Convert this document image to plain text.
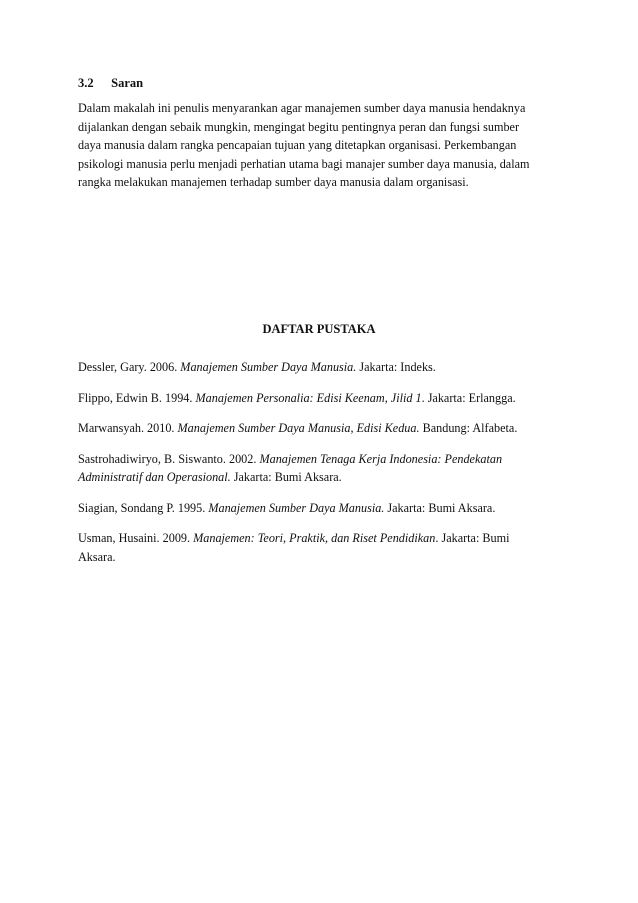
3.2 Saran
Dalam makalah ini penulis menyarankan agar manajemen sumber daya manusia hendaknya
dijalankan dengan sebaik mungkin, mengingat begitu pentingnya peran dan fungsi sumber
daya manusia dalam rangka pencapaian tujuan yang ditetapkan organisasi. Perkembangan
psikologi manusia perlu menjadi perhatian utama bagi manajer sumber daya manusia, dalam
rangka melakukan manajemen terhadap sumber daya manusia dalam organisasi.
DAFTAR PUSTAKA
Dessler, Gary. 2006. Manajemen Sumber Daya Manusia. Jakarta: Indeks.
Flippo, Edwin B. 1994. Manajemen Personalia: Edisi Keenam, Jilid 1. Jakarta: Erlangga.
Marwansyah. 2010. Manajemen Sumber Daya Manusia, Edisi Kedua. Bandung: Alfabeta.
Sastrohadiwiryo, B. Siswanto. 2002. Manajemen Tenaga Kerja Indonesia: Pendekatan
Administratif dan Operasional. Jakarta: Bumi Aksara.
Siagian, Sondang P. 1995. Manajemen Sumber Daya Manusia. Jakarta: Bumi Aksara.
Usman, Husaini. 2009. Manajemen: Teori, Praktik, dan Riset Pendidikan. Jakarta: Bumi
Aksara.
